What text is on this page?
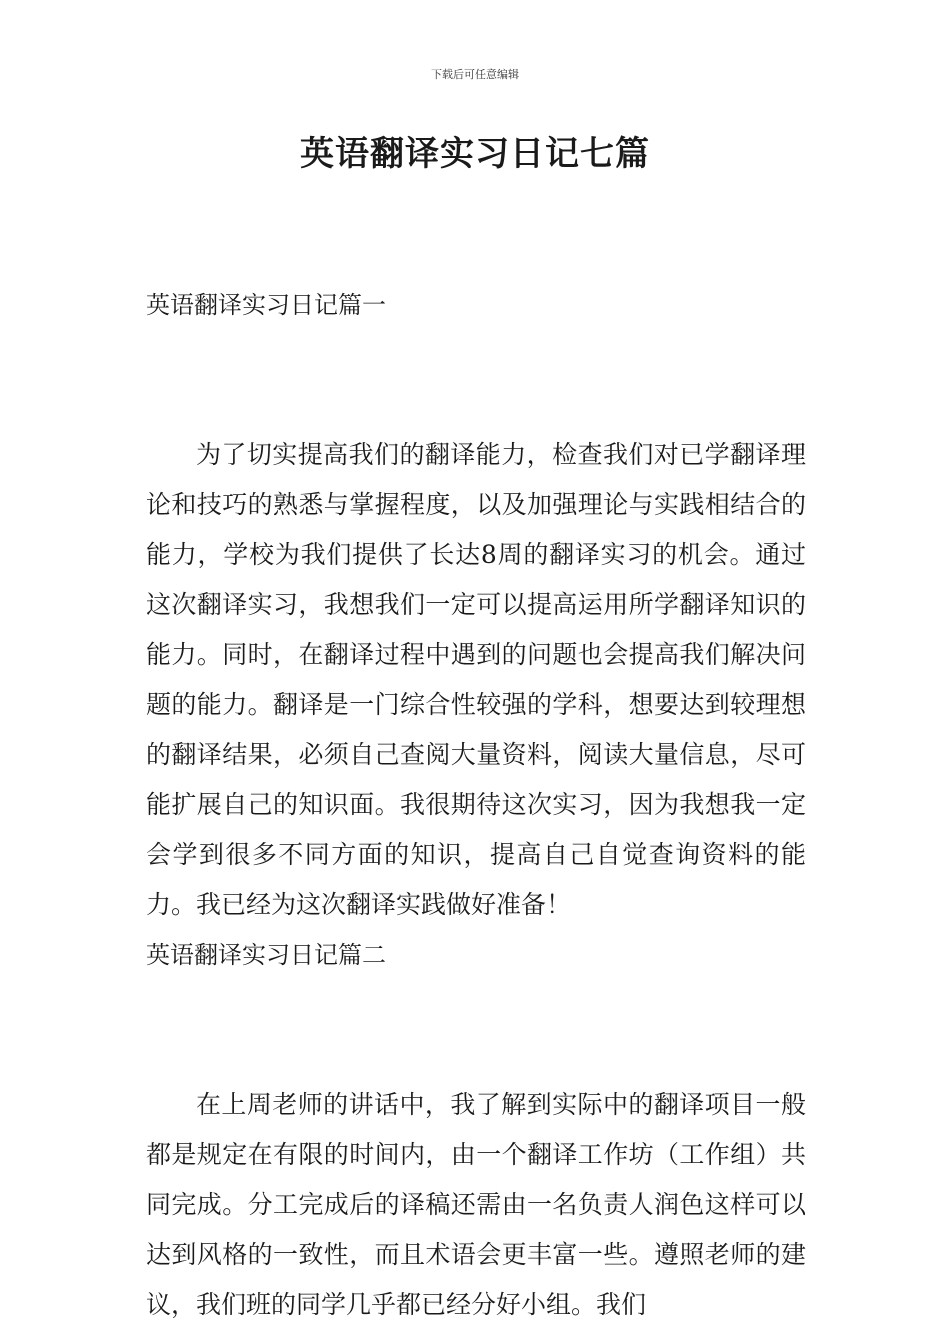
下载后可任意编辑
英语翻译实习日记七篇
英语翻译实习日记篇一

为了切实提高我们的翻译能力，检查我们对已学翻译理论和技巧的熟悉与掌握程度，以及加强理论与实践相结合的能力，学校为我们提供了长达8周的翻译实习的机会。通过这次翻译实习，我想我们一定可以提高运用所学翻译知识的能力。同时，在翻译过程中遇到的问题也会提高我们解决问题的能力。翻译是一门综合性较强的学科，想要达到较理想的翻译结果，必须自己查阅大量资料，阅读大量信息，尽可能扩展自己的知识面。我很期待这次实习，因为我想我一定会学到很多不同方面的知识，提高自己自觉查询资料的能力。我已经为这次翻译实践做好准备！

英语翻译实习日记篇二

在上周老师的讲话中，我了解到实际中的翻译项目一般都是规定在有限的时间内，由一个翻译工作坊（工作组）共同完成。分工完成后的译稿还需由一名负责人润色这样可以达到风格的一致性，而且术语会更丰富一些。遵照老师的建议，我们班的同学几乎都已经分好小组。我们
